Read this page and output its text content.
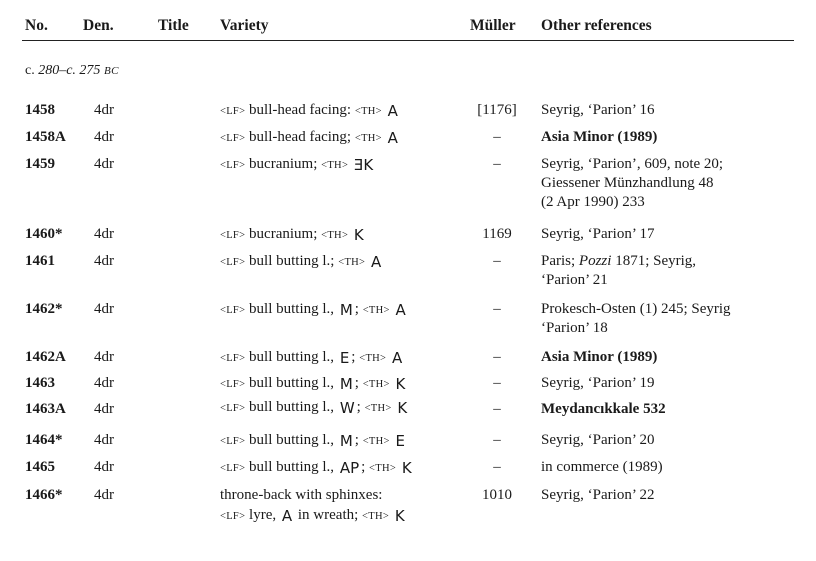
No. Den.	Title Variety	Müller Other references
c. 280–c. 275 BC
1458	4dr	<LF> bull-head facing: <TH> A	[1176]	Seyrig, ‘Parion’ 16
1458A 4dr	<LF> bull-head facing; <TH> A	–	Asia Minor (1989)
1459	4dr	<LF> bucranium; <TH> ƎK	–	Seyrig, ‘Parion’, 609, note 20;
Giessener Münzhandlung 48
(2 Apr 1990) 233
1460* 4dr	<LF> bucranium; <TH> K	1169	Seyrig, ‘Parion’ 17
1461	4dr	<LF> bull butting l.; <TH> A	–	Paris; Pozzi 1871; Seyrig,
‘Parion’ 21
1462* 4dr	<LF> bull butting l., M ; <TH> A	–	Prokesch-Osten (1) 245; Seyrig
‘Parion’ 18
1462A 4dr	<LF> bull butting l., E ; <TH> A	–	Asia Minor (1989)
1463	4dr	<LF> bull butting l., M ; <TH> K	–	Seyrig, ‘Parion’ 19
1463A 4dr	<LF> bull butting l., W ; <TH> K	–	Meydancıkkale 532
1464* 4dr	<LF> bull butting l., M ; <TH> E	–	Seyrig, ‘Parion’ 20
1465	4dr	<LF> bull butting l., AP ; <TH> K	–	in commerce (1989)
1466* 4dr	throne-back with sphinxes:
<LF> lyre, A in wreath; <TH> K
1010	Seyrig, ‘Parion’ 22
